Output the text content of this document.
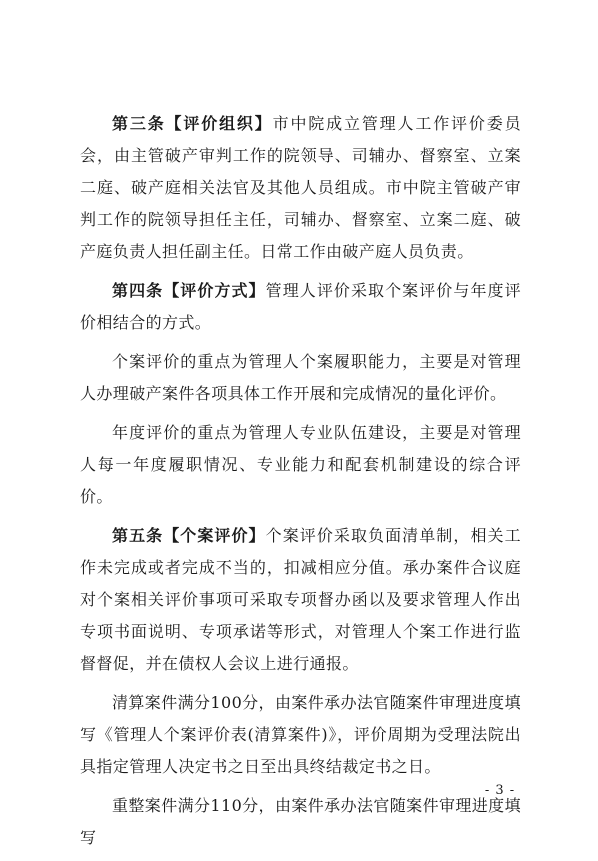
第三条【评价组织】市中院成立管理人工作评价委员会，由主管破产审判工作的院领导、司辅办、督察室、立案二庭、破产庭相关法官及其他人员组成。市中院主管破产审判工作的院领导担任主任，司辅办、督察室、立案二庭、破产庭负责人担任副主任。日常工作由破产庭人员负责。

第四条【评价方式】管理人评价采取个案评价与年度评价相结合的方式。

个案评价的重点为管理人个案履职能力，主要是对管理人办理破产案件各项具体工作开展和完成情况的量化评价。

年度评价的重点为管理人专业队伍建设，主要是对管理人每一年度履职情况、专业能力和配套机制建设的综合评价。

第五条【个案评价】个案评价采取负面清单制，相关工作未完成或者完成不当的，扣减相应分值。承办案件合议庭对个案相关评价事项可采取专项督办函以及要求管理人作出专项书面说明、专项承诺等形式，对管理人个案工作进行监督督促，并在债权人会议上进行通报。

清算案件满分100分，由案件承办法官随案件审理进度填写《管理人个案评价表(清算案件)》，评价周期为受理法院出具指定管理人决定书之日至出具终结裁定书之日。

重整案件满分110分，由案件承办法官随案件审理进度填写

- 3 -
